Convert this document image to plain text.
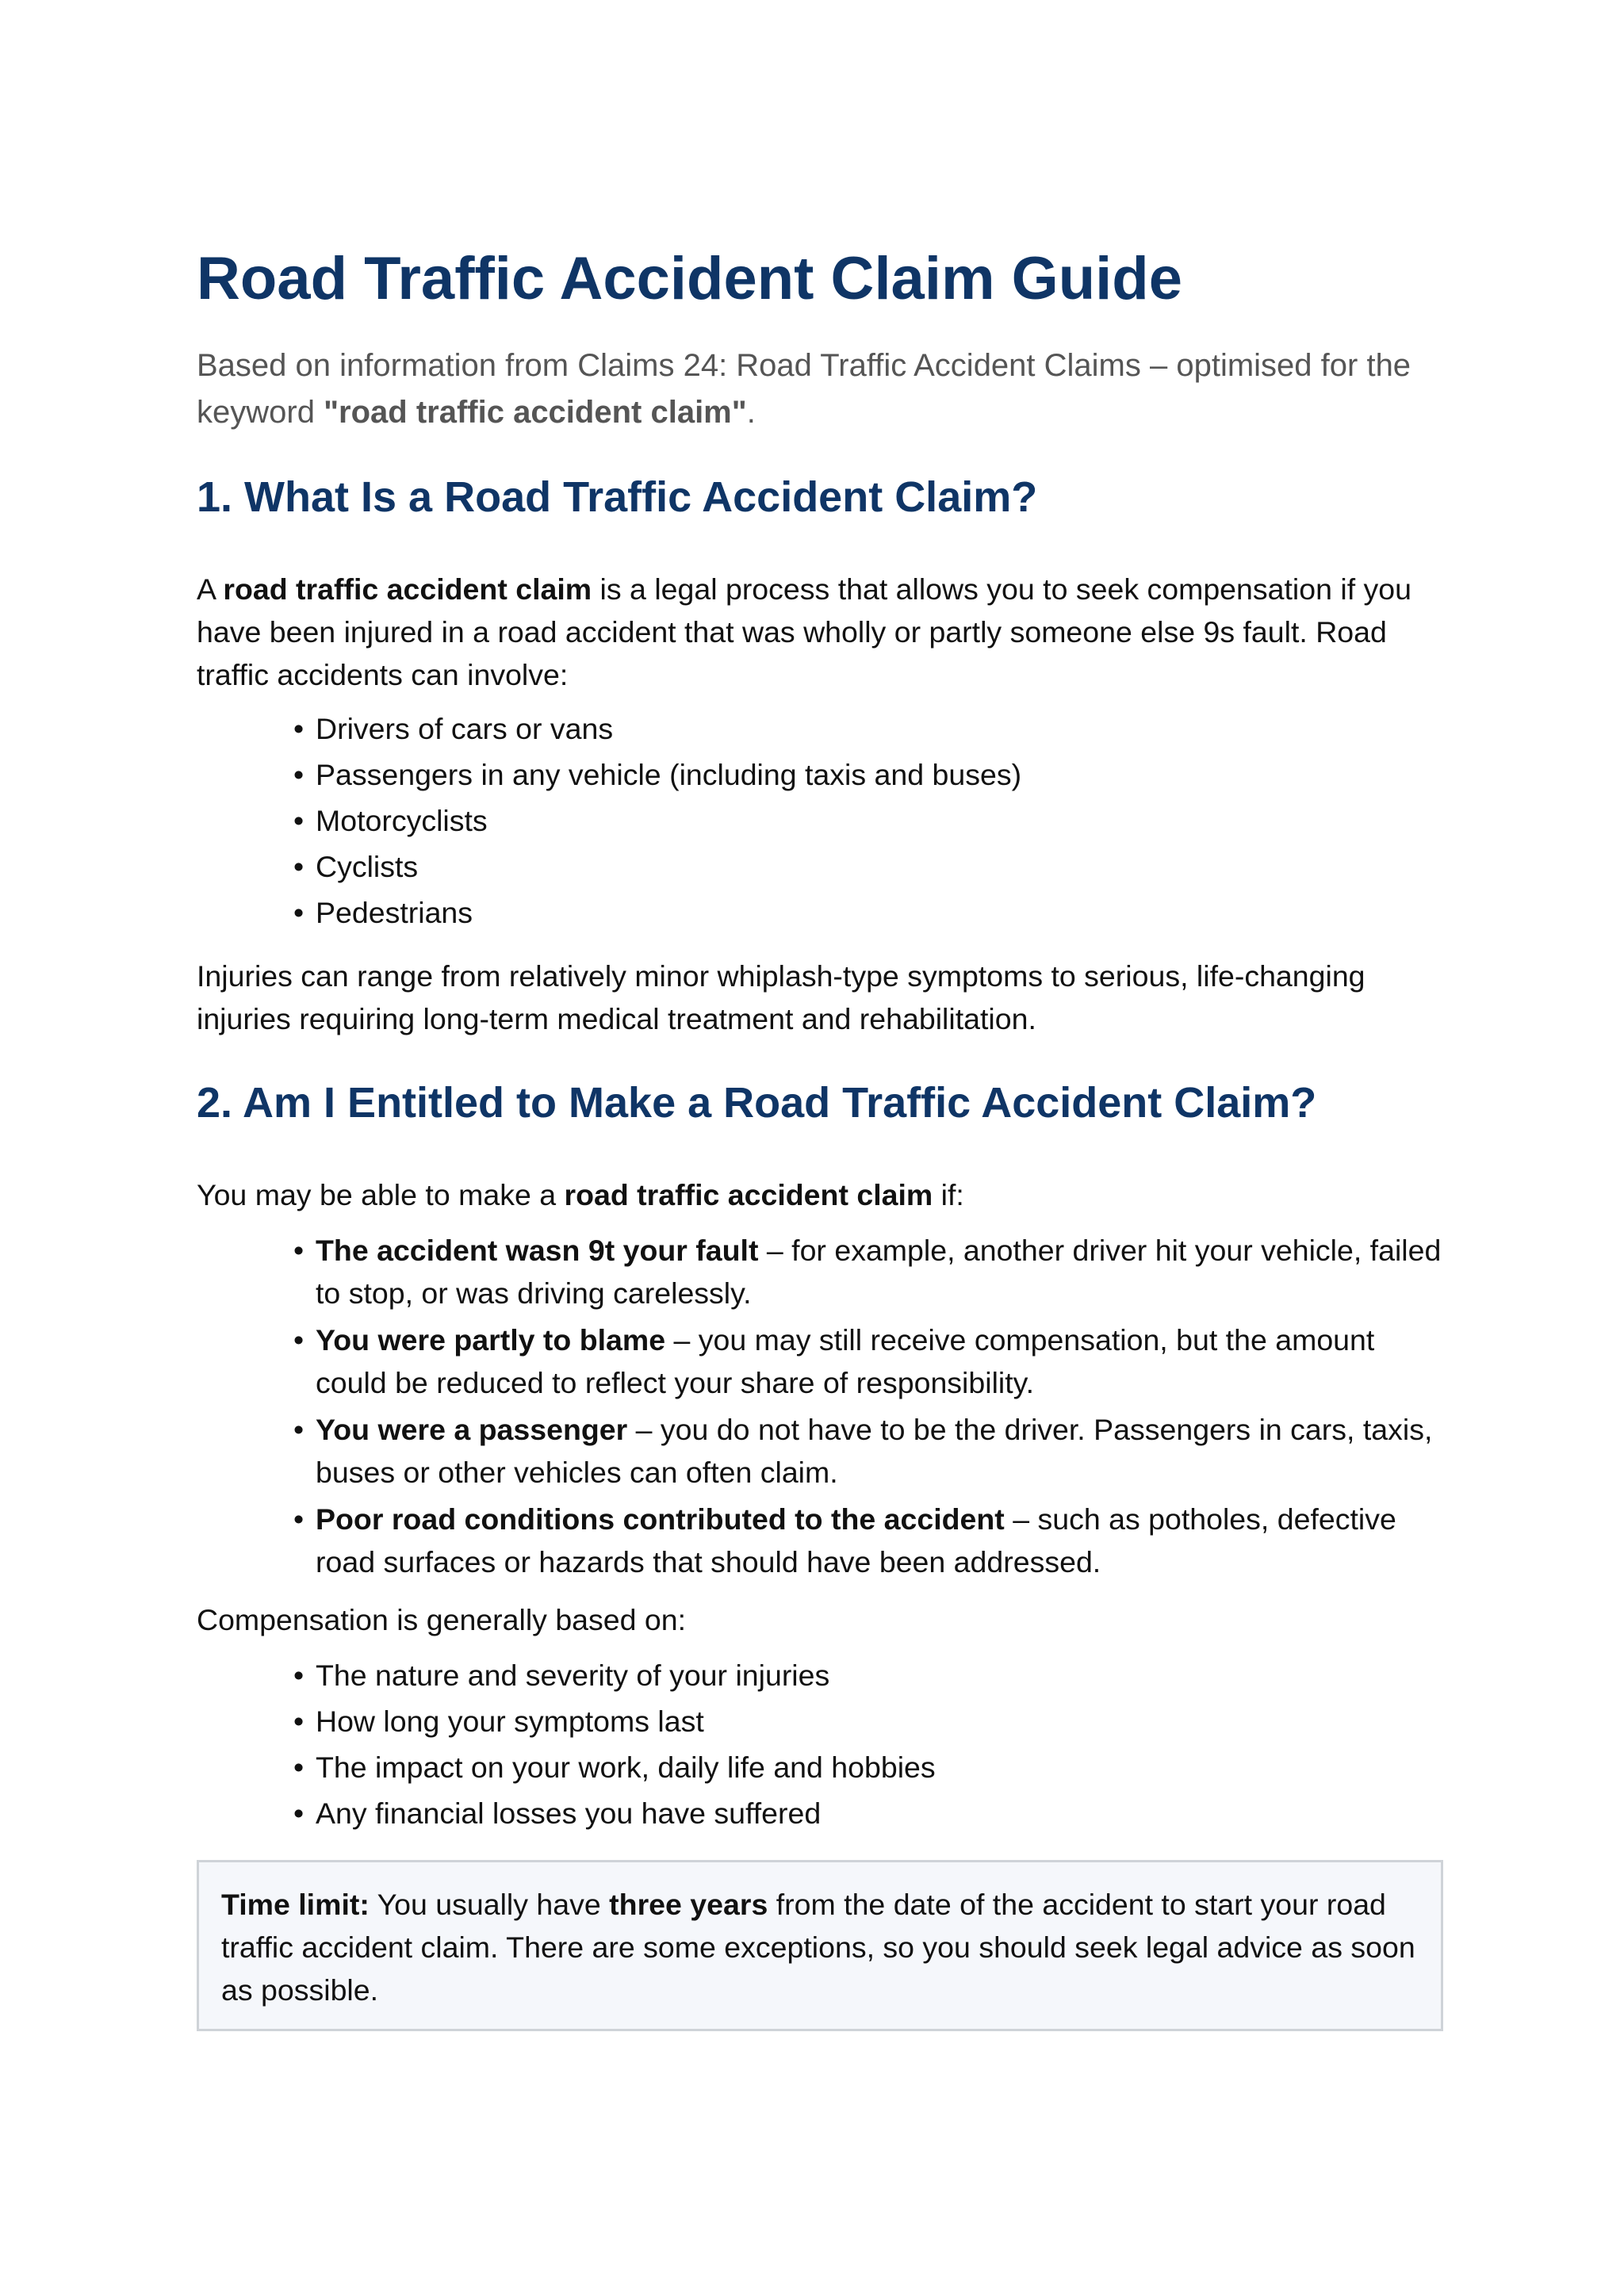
Road Traffic Accident Claim Guide

Based on information from Claims 24: Road Traffic Accident Claims – optimised for the keyword "road traffic accident claim".

1. What Is a Road Traffic Accident Claim?

A road traffic accident claim is a legal process that allows you to seek compensation if you have been injured in a road accident that was wholly or partly someone else 9s fault. Road traffic accidents can involve:

• Drivers of cars or vans
• Passengers in any vehicle (including taxis and buses)
• Motorcyclists
• Cyclists
• Pedestrians

Injuries can range from relatively minor whiplash-type symptoms to serious, life-changing injuries requiring long-term medical treatment and rehabilitation.

2. Am I Entitled to Make a Road Traffic Accident Claim?

You may be able to make a road traffic accident claim if:

• The accident wasn 9t your fault – for example, another driver hit your vehicle, failed to stop, or was driving carelessly.
• You were partly to blame – you may still receive compensation, but the amount could be reduced to reflect your share of responsibility.
• You were a passenger – you do not have to be the driver. Passengers in cars, taxis, buses or other vehicles can often claim.
• Poor road conditions contributed to the accident – such as potholes, defective road surfaces or hazards that should have been addressed.

Compensation is generally based on:

• The nature and severity of your injuries
• How long your symptoms last
• The impact on your work, daily life and hobbies
• Any financial losses you have suffered

Time limit: You usually have three years from the date of the accident to start your road traffic accident claim. There are some exceptions, so you should seek legal advice as soon as possible.
